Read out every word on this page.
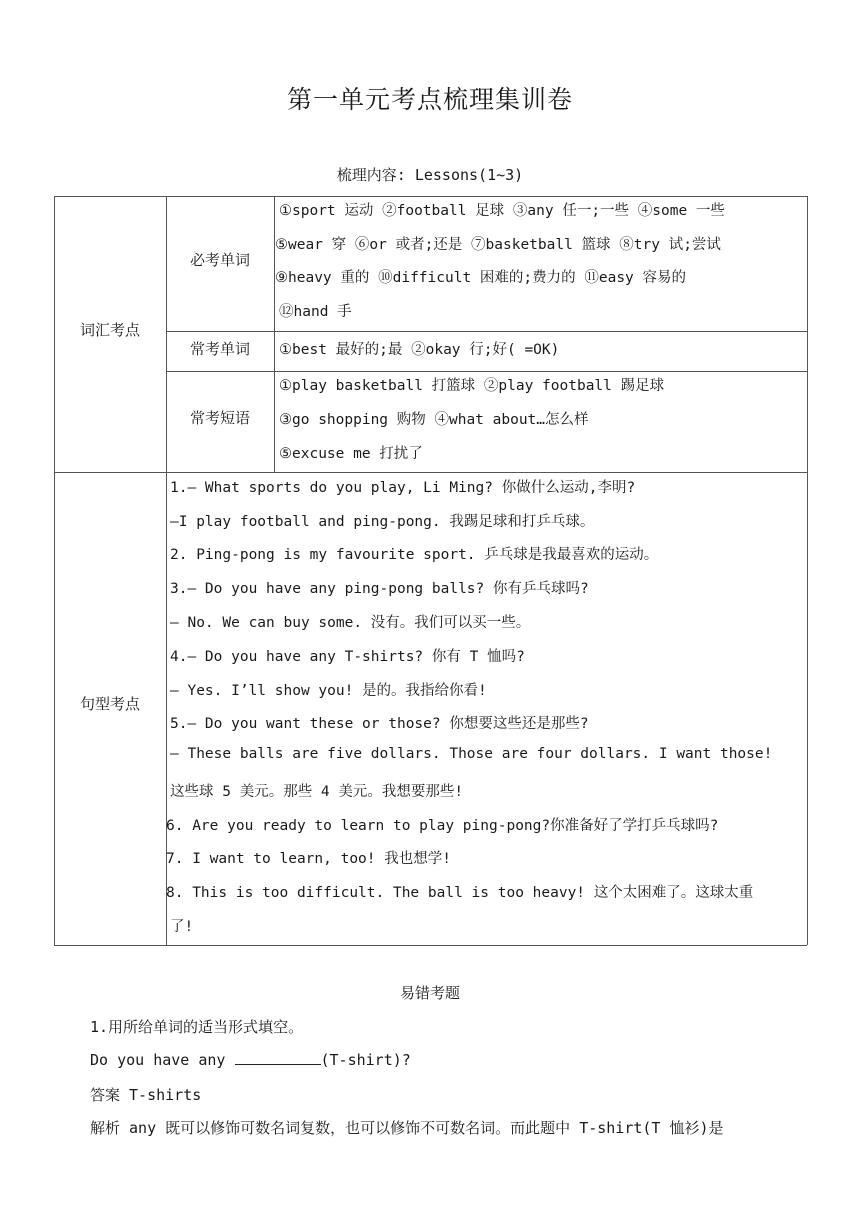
第一单元考点梳理集训卷
梳理内容: Lessons(1~3)
词汇考点
必考单词
常考单词
常考短语
句型考点
①sport 运动 ②football 足球 ③any 任一;一些 ④some 一些
⑤wear 穿 ⑥or 或者;还是 ⑦basketball 篮球 ⑧try 试;尝试
⑨heavy 重的 ⑩difficult 困难的;费力的 ⑪easy 容易的
⑫hand 手
①best 最好的;最 ②okay 行;好( =OK)
①play basketball 打篮球 ②play football 踢足球
③go shopping 购物 ④what about…怎么样
⑤excuse me 打扰了
1.— What sports do you play, Li Ming? 你做什么运动,李明?
—I play football and ping-pong. 我踢足球和打乒乓球。
2. Ping-pong is my favourite sport. 乒乓球是我最喜欢的运动。
3.— Do you have any ping-pong balls? 你有乒乓球吗?
— No. We can buy some. 没有。我们可以买一些。
4.— Do you have any T-shirts? 你有 T 恤吗?
— Yes. I’ll show you! 是的。我指给你看!
5.— Do you want these or those? 你想要这些还是那些?
— These balls are five dollars. Those are four dollars. I want those!
这些球 5 美元。那些 4 美元。我想要那些!
6. Are you ready to learn to play ping-pong?你准备好了学打乒乓球吗?
7. I want to learn, too! 我也想学!
8. This is too difficult. The ball is too heavy! 这个太困难了。这球太重
了!
易错考题
1.用所给单词的适当形式填空。
Do you have any	(T-shirt)?
答案 T-shirts
解析 any 既可以修饰可数名词复数，也可以修饰不可数名词。而此题中 T-shirt(T 恤衫)是
